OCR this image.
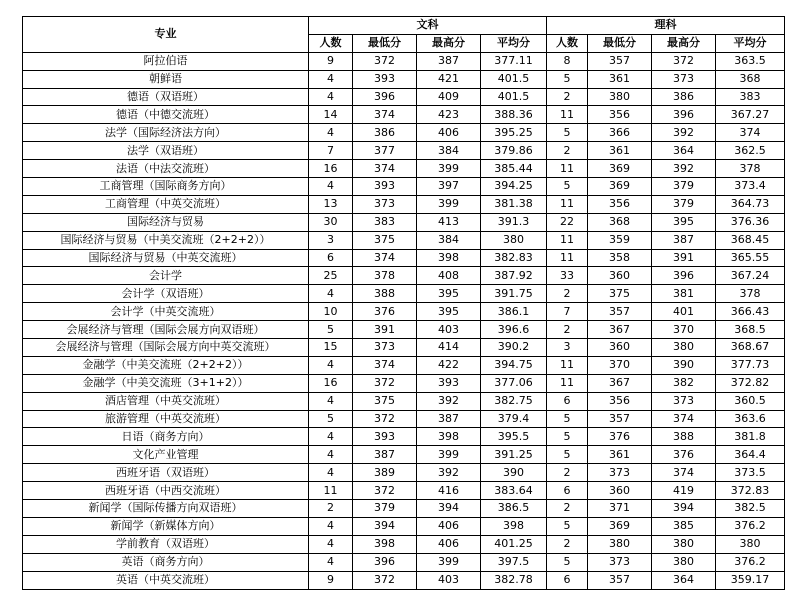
专业	文科				理科			
	人数	最低分	最高分	平均分	人数	最低分	最高分	平均分
阿拉伯语	9	372	387	377.11	8	357	372	363.5
朝鲜语	4	393	421	401.5	5	361	373	368
德语（双语班）	4	396	409	401.5	2	380	386	383
德语（中德交流班）	14	374	423	388.36	11	356	396	367.27
法学（国际经济法方向）	4	386	406	395.25	5	366	392	374
法学（双语班）	7	377	384	379.86	2	361	364	362.5
法语（中法交流班）	16	374	399	385.44	11	369	392	378
工商管理（国际商务方向）	4	393	397	394.25	5	369	379	373.4
工商管理（中英交流班）	13	373	399	381.38	11	356	379	364.73
国际经济与贸易	30	383	413	391.3	22	368	395	376.36
国际经济与贸易（中美交流班（2+2+2））	3	375	384	380	11	359	387	368.45
国际经济与贸易（中英交流班）	6	374	398	382.83	11	358	391	365.55
会计学	25	378	408	387.92	33	360	396	367.24
会计学（双语班）	4	388	395	391.75	2	375	381	378
会计学（中英交流班）	10	376	395	386.1	7	357	401	366.43
会展经济与管理（国际会展方向双语班）	5	391	403	396.6	2	367	370	368.5
会展经济与管理（国际会展方向中英交流班）	15	373	414	390.2	3	360	380	368.67
金融学（中美交流班（2+2+2））	4	374	422	394.75	11	370	390	377.73
金融学（中美交流班（3+1+2））	16	372	393	377.06	11	367	382	372.82
酒店管理（中英交流班）	4	375	392	382.75	6	356	373	360.5
旅游管理（中英交流班）	5	372	387	379.4	5	357	374	363.6
日语（商务方向）	4	393	398	395.5	5	376	388	381.8
文化产业管理	4	387	399	391.25	5	361	376	364.4
西班牙语（双语班）	4	389	392	390	2	373	374	373.5
西班牙语（中西交流班）	11	372	416	383.64	6	360	419	372.83
新闻学（国际传播方向双语班）	2	379	394	386.5	2	371	394	382.5
新闻学（新媒体方向）	4	394	406	398	5	369	385	376.2
学前教育（双语班）	4	398	406	401.25	2	380	380	380
英语（商务方向）	4	396	399	397.5	5	373	380	376.2
英语（中英交流班）	9	372	403	382.78	6	357	364	359.17
